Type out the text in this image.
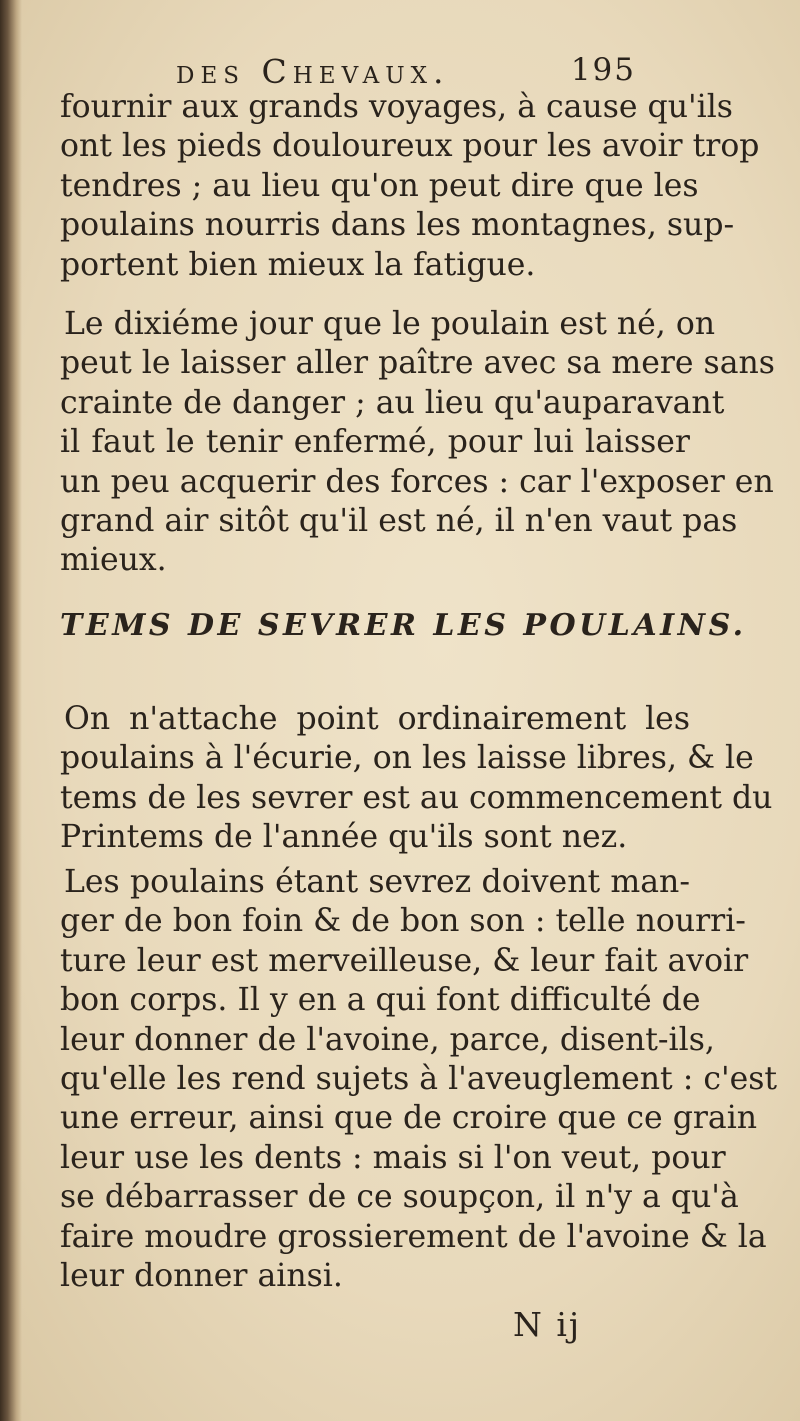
des Chevaux.	195
fournir aux grands voyages, à cause qu'ils
ont les pieds douloureux pour les avoir trop
tendres ; au lieu qu'on peut dire que les
poulains nourris dans les montagnes, sup-
portent bien mieux la fatigue.
Le dixiéme jour que le poulain est né, on
peut le laisser aller paître avec sa mere sans
crainte de danger ; au lieu qu'auparavant
il faut le tenir enfermé, pour lui laisser
un peu acquerir des forces : car l'exposer en
grand air sitôt qu'il est né, il n'en vaut pas
mieux.
TEMS DE SEVRER LES POULAINS.
On n'attache point ordinairement les
poulains à l'écurie, on les laisse libres, & le
tems de les sevrer est au commencement du
Printems de l'année qu'ils sont nez.
Les poulains étant sevrez doivent man-
ger de bon foin & de bon son : telle nourri-
ture leur est merveilleuse, & leur fait avoir
bon corps. Il y en a qui font difficulté de
leur donner de l'avoine, parce, disent-ils,
qu'elle les rend sujets à l'aveuglement : c'est
une erreur, ainsi que de croire que ce grain
leur use les dents : mais si l'on veut, pour
se débarrasser de ce soupçon, il n'y a qu'à
faire moudre grossierement de l'avoine & la
leur donner ainsi.
N ij
